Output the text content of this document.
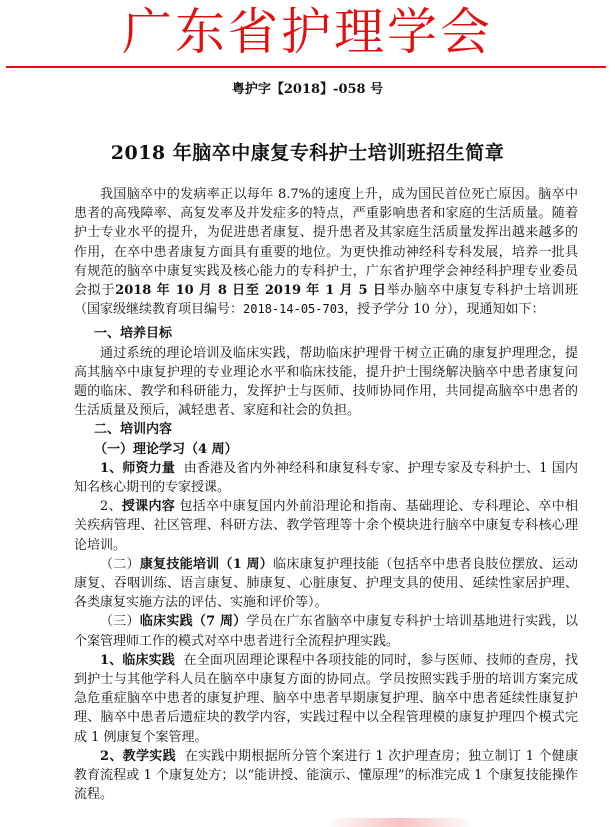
广东省护理学会
粤护字【2018】-058 号
2018 年脑卒中康复专科护士培训班招生简章

我国脑卒中的发病率正以每年 8.7%的速度上升，成为国民首位死亡原因。脑卒中患者的高残障率、高复发率及并发症多的特点，严重影响患者和家庭的生活质量。随着护士专业水平的提升，为促进患者康复、提升患者及其家庭生活质量发挥出越来越多的作用，在卒中患者康复方面具有重要的地位。为更快推动神经科专科发展，培养一批具有规范的脑卒中康复实践及核心能力的专科护士，广东省护理学会神经科护理专业委员会拟于2018 年 10 月 8 日至 2019 年 1 月 5 日举办脑卒中康复专科护士培训班（国家级继续教育项目编号：2018-14-05-703，授予学分 10 分），现通知如下：

一、培养目标

通过系统的理论培训及临床实践，帮助临床护理骨干树立正确的康复护理理念，提高其脑卒中康复护理的专业理论水平和临床技能，提升护士围绕解决脑卒中患者康复问题的临床、教学和科研能力，发挥护士与医师、技师协同作用，共同提高脑卒中患者的生活质量及预后，减轻患者、家庭和社会的负担。

二、培训内容

（一）理论学习（4 周）

1、师资力量 由香港及省内外神经科和康复科专家、护理专家及专科护士、1 国内知名核心期刊的专家授课。

2、授课内容 包括卒中康复国内外前沿理论和指南、基础理论、专科理论、卒中相关疾病管理、社区管理、科研方法、教学管理等十余个模块进行脑卒中康复专科核心理论培训。

（二）康复技能培训（1 周）临床康复护理技能（包括卒中患者良肢位摆放、运动康复、吞咽训练、语言康复、肺康复、心脏康复、护理支具的使用、延续性家居护理、各类康复实施方法的评估、实施和评价等）。

（三）临床实践（7 周）学员在广东省脑卒中康复专科护士培训基地进行实践，以个案管理师工作的模式对卒中患者进行全流程护理实践。

1、临床实践 在全面巩固理论课程中各项技能的同时，参与医师、技师的查房，找到护士与其他学科人员在脑卒中康复方面的协同点。学员按照实践手册的培训方案完成急危重症脑卒中患者的康复护理、脑卒中患者早期康复护理、脑卒中患者延续性康复护理、脑卒中患者后遗症块的教学内容，实践过程中以全程管理模的康复护理四个模式完成 1 例康复个案管理。

2、教学实践 在实践中期根据所分管个案进行 1 次护理查房；独立制订 1 个健康教育流程或 1 个康复处方；以“能讲授、能演示、懂原理”的标准完成 1 个康复技能操作流程。
